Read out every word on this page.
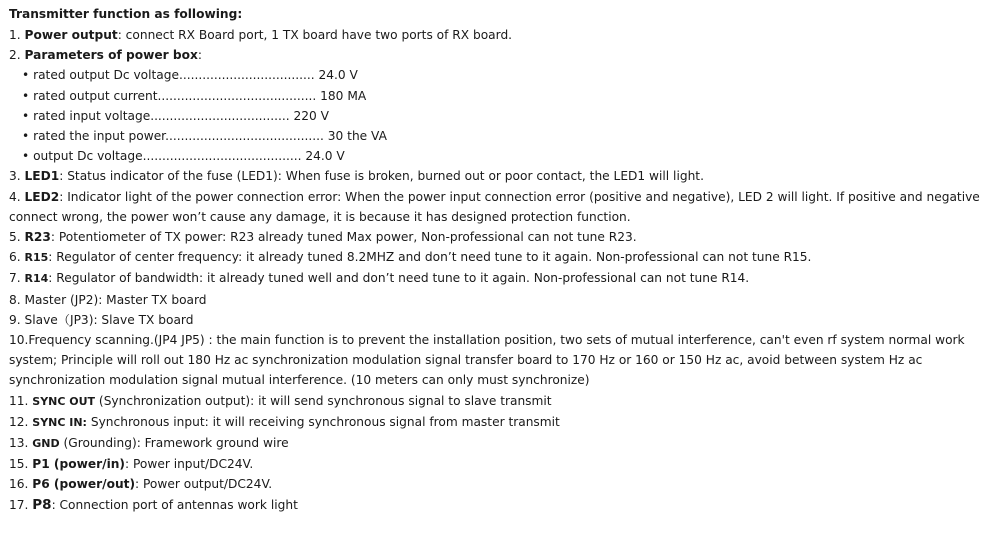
Transmitter function as following:
1. Power output: connect RX Board port, 1 TX board have two ports of RX board.
2. Parameters of power box:
• rated output Dc voltage................................... 24.0 V
• rated output current......................................... 180 MA
• rated input voltage.................................... 220 V
• rated the input power......................................... 30 the VA
• output Dc voltage......................................... 24.0 V
3. LED1: Status indicator of the fuse (LED1): When fuse is broken, burned out or poor contact, the LED1 will light.
4. LED2: Indicator light of the power connection error: When the power input connection error (positive and negative), LED 2 will light. If positive and negative connect wrong, the power won’t cause any damage, it is because it has designed protection function.
5. R23: Potentiometer of TX power: R23 already tuned Max power, Non-professional can not tune R23.
6. R15: Regulator of center frequency: it already tuned 8.2MHZ and don’t need tune to it again. Non-professional can not tune R15.
7. R14: Regulator of bandwidth: it already tuned well and don’t need tune to it again. Non-professional can not tune R14.
8. Master (JP2): Master TX board
9. Slave（JP3): Slave TX board
10.Frequency scanning.(JP4 JP5) : the main function is to prevent the installation position, two sets of mutual interference, can't even rf system normal work system; Principle will roll out 180 Hz ac synchronization modulation signal transfer board to 170 Hz or 160 or 150 Hz ac, avoid between system Hz ac synchronization modulation signal mutual interference. (10 meters can only must synchronize)
11. SYNC OUT (Synchronization output): it will send synchronous signal to slave transmit
12. SYNC IN: Synchronous input: it will receiving synchronous signal from master transmit
13. GND (Grounding): Framework ground wire
15. P1 (power/in): Power input/DC24V.
16. P6 (power/out): Power output/DC24V.
17. P8: Connection port of antennas work light
